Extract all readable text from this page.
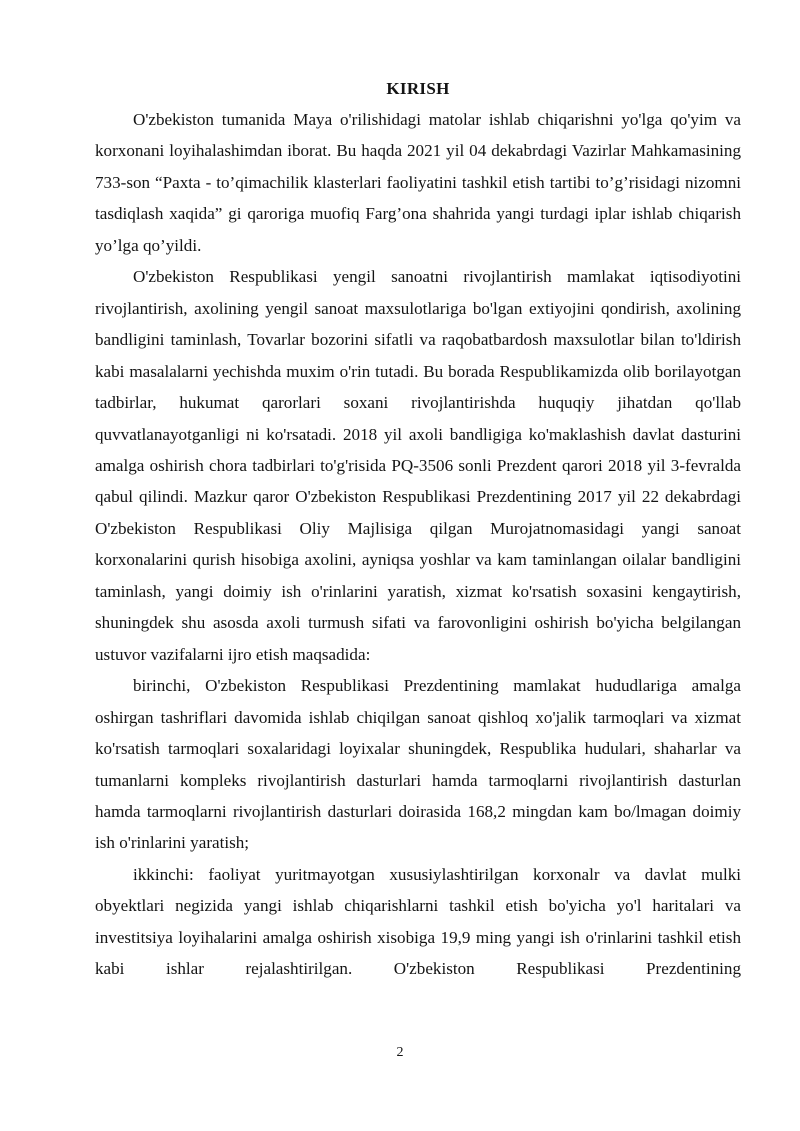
KIRISH

O'zbekiston tumanida Maya o'rilishidagi matolar ishlab chiqarishni yo'lga qo'yim va korxonani loyihalashimdan iborat. Bu haqda 2021 yil 04 dekabrdagi Vazirlar Mahkamasining 733-son “Paxta - to’qimachilik klasterlari faoliyatini tashkil etish tartibi to’g’risidagi nizomni tasdiqlash xaqida” gi qaroriga muofiq Farg’ona shahrida yangi turdagi iplar ishlab chiqarish yo’lga qo’yildi.

O'zbekiston Respublikasi yengil sanoatni rivojlantirish mamlakat iqtisodiyotini rivojlantirish, axolining yengil sanoat maxsulotlariga bo'lgan extiyojini qondirish, axolining bandligini taminlash, Tovarlar bozorini sifatli va raqobatbardosh maxsulotlar bilan to'ldirish kabi masalalarni yechishda muxim o'rin tutadi. Bu borada Respublikamizda olib borilayotgan tadbirlar, hukumat qarorlari soxani rivojlantirishda huquqiy jihatdan qo'llab quvvatlanayotganligi ni ko'rsatadi. 2018 yil axoli bandligiga ko'maklashish davlat dasturini amalga oshirish chora tadbirlari to'g'risida PQ-3506 sonli Prezdent qarori 2018 yil 3-fevralda qabul qilindi. Mazkur qaror O'zbekiston Respublikasi Prezdentining 2017 yil 22 dekabrdagi O'zbekiston Respublikasi Oliy Majlisiga qilgan Murojatnomasidagi yangi sanoat korxonalarini qurish hisobiga axolini, ayniqsa yoshlar va kam taminlangan oilalar bandligini taminlash, yangi doimiy ish o'rinlarini yaratish, xizmat ko'rsatish soxasini kengaytirish, shuningdek shu asosda axoli turmush sifati va farovonligini oshirish bo'yicha belgilangan ustuvor vazifalarni ijro etish maqsadida:

birinchi, O'zbekiston Respublikasi Prezdentining mamlakat hududlariga amalga oshirgan tashriflari davomida ishlab chiqilgan sanoat qishloq xo'jalik tarmoqlari va xizmat ko'rsatish tarmoqlari soxalaridagi loyixalar shuningdek, Respublika hudulari, shaharlar va tumanlarni kompleks rivojlantirish dasturlari hamda tarmoqlarni rivojlantirish dasturlan hamda tarmoqlarni rivojlantirish dasturlari doirasida 168,2 mingdan kam bo/lmagan doimiy ish o'rinlarini yaratish;

ikkinchi: faoliyat yuritmayotgan xususiylashtirilgan korxonalr va davlat mulki obyektlari negizida yangi ishlab chiqarishlarni tashkil etish bo'yicha yo'l haritalari va investitsiya loyihalarini amalga oshirish xisobiga 19,9 ming yangi ish o'rinlarini tashkil etish kabi ishlar rejalashtirilgan. O'zbekiston Respublikasi Prezdentining

2
